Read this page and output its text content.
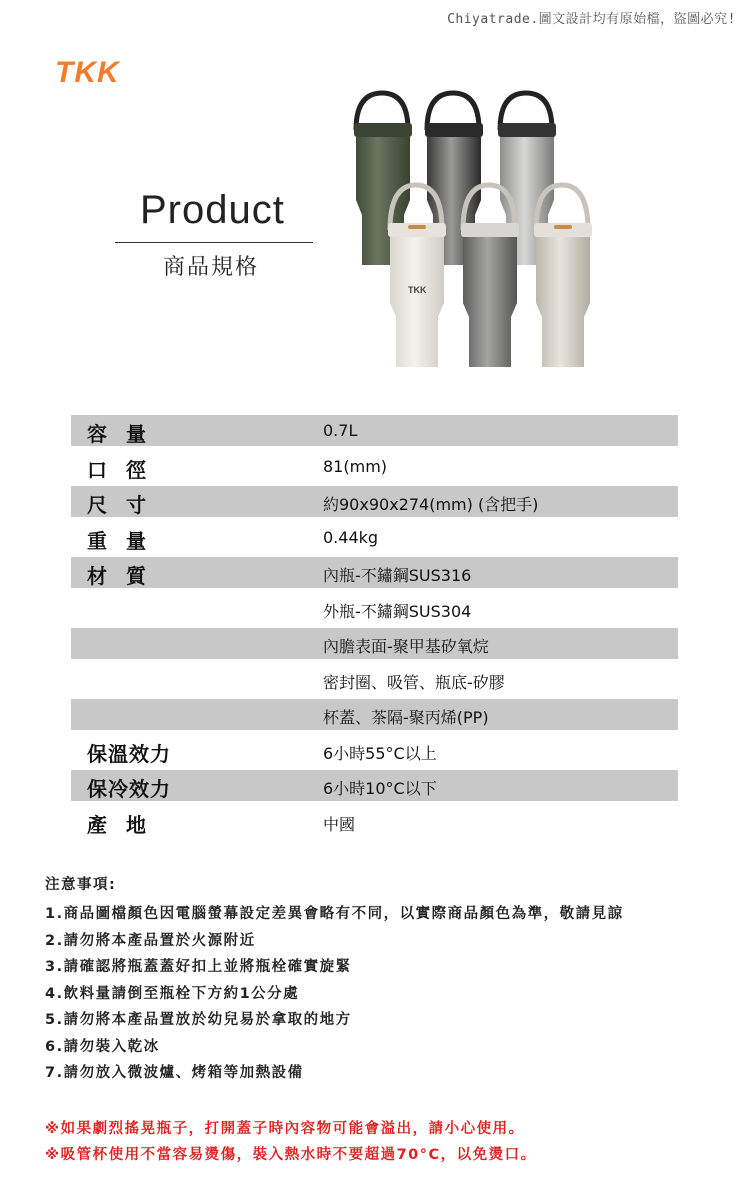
Chiyatrade.圖文設計均有原始檔，盜圖必究!
TKK
Product
商品規格
TKK
容 量	0.7L
口 徑	81(mm)
尺 寸	約90x90x274(mm) (含把手)
重 量	0.44kg
材 質	內瓶-不鏽鋼SUS316
外瓶-不鏽鋼SUS304
內膽表面-聚甲基矽氧烷
密封圈、吸管、瓶底-矽膠
杯蓋、茶隔-聚丙烯(PP)
保溫效力	6小時55°C以上
保冷效力	6小時10°C以下
產 地	中國
注意事項:
1.商品圖檔顏色因電腦螢幕設定差異會略有不同，以實際商品顏色為準，敬請見諒
2.請勿將本產品置於火源附近
3.請確認將瓶蓋蓋好扣上並將瓶栓確實旋緊
4.飲料量請倒至瓶栓下方約1公分處
5.請勿將本產品置放於幼兒易於拿取的地方
6.請勿裝入乾冰
7.請勿放入微波爐、烤箱等加熱設備
※如果劇烈搖晃瓶子，打開蓋子時內容物可能會溢出，請小心使用。
※吸管杯使用不當容易燙傷，裝入熱水時不要超過70°C，以免燙口。
